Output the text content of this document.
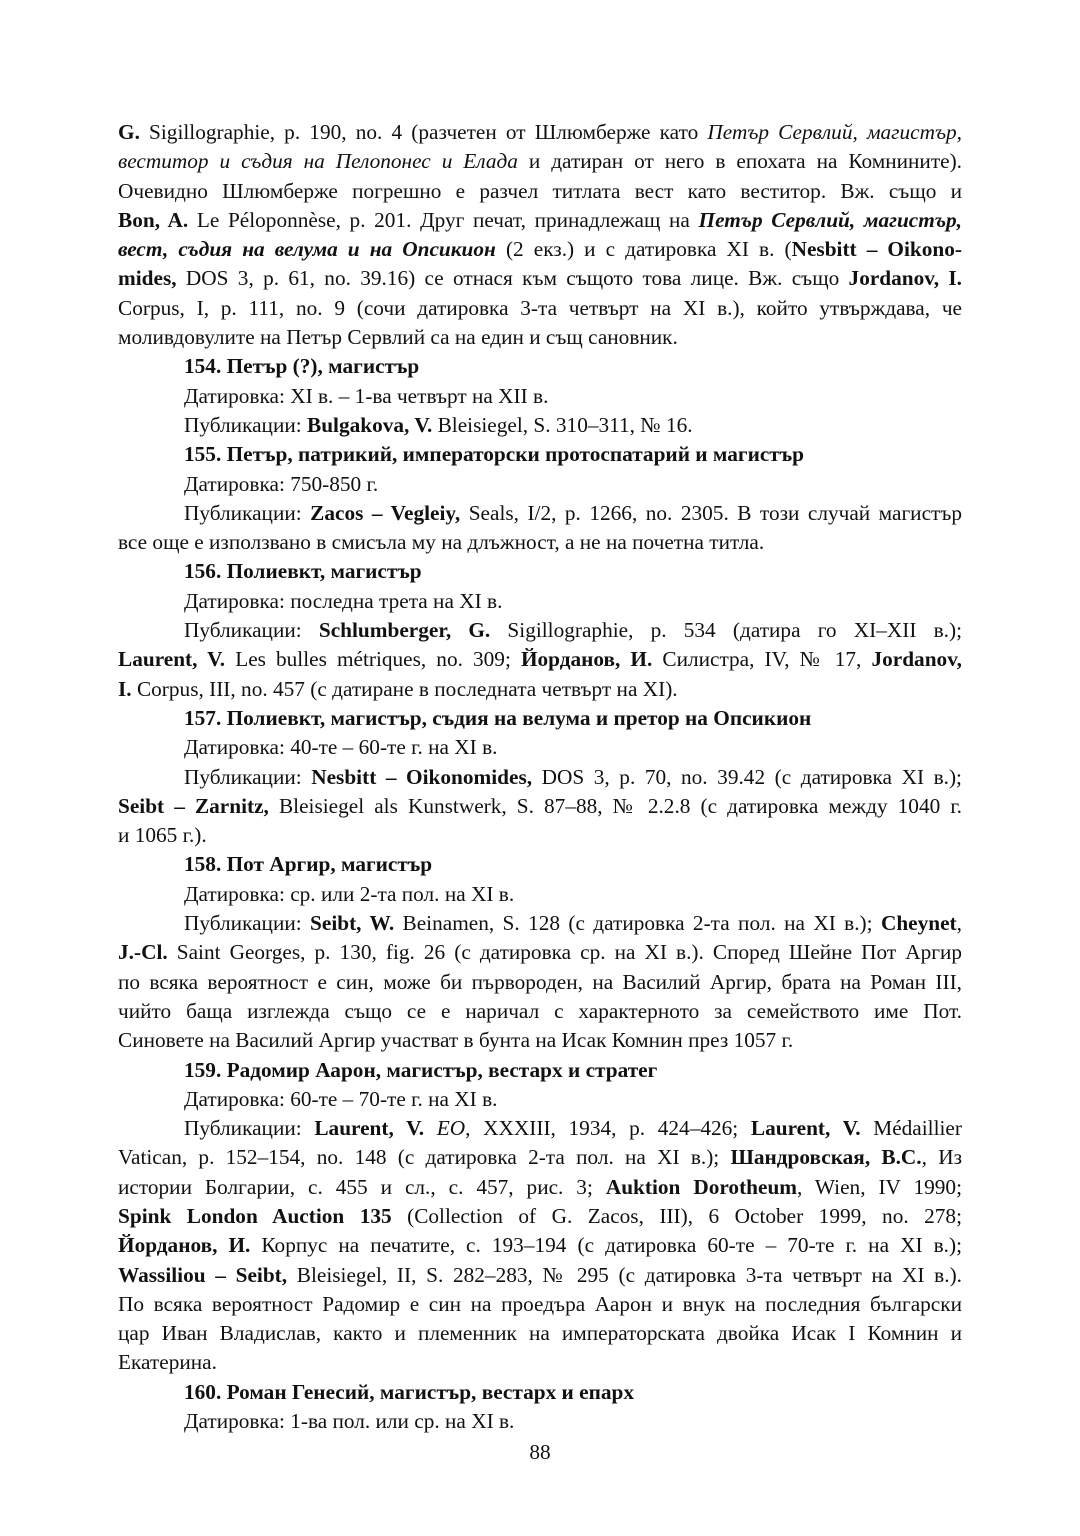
G. Sigillographie, p. 190, no. 4 (разчетен от Шлюмберже като Петър Сервлий, магистър,
веститор и съдия на Пелопонес и Елада и датиран от него в епохата на Комнините).
Очевидно Шлюмберже погрешно е разчел титлата вест като веститор. Вж. също и
Bon, A. Le Péloponnèse, p. 201. Друг печат, принадлежащ на Петър Сервлий, магистър,
вест, съдия на велума и на Опсикион (2 екз.) и с датировка XI в. (Nesbitt – Oikono-
mides, DOS 3, p. 61, no. 39.16) се отнася към същото това лице. Вж. също Jordanov, I.
Corpus, I, p. 111, no. 9 (сочи датировка 3-та четвърт на XI в.), който утвърждава, че
моливдовулите на Петър Сервлий са на един и същ сановник.
154. Петър (?), магистър
Датировка: XI в. – 1-ва четвърт на XII в.
Публикации: Bulgakova, V. Bleisiegel, S. 310–311, № 16.
155. Петър, патрикий, императорски протоспатарий и магистър
Датировка: 750-850 г.
Публикации: Zacos – Vegleiy, Seals, I/2, p. 1266, no. 2305. В този случай магистър
все още е използвано в смисъла му на длъжност, а не на почетна титла.
156. Полиевкт, магистър
Датировка: последна трета на XI в.
Публикации: Schlumberger, G. Sigillographie, p. 534 (датира го XI–XII в.);
Laurent, V. Les bulles métriques, no. 309; Йорданов, И. Силистра, IV, № 17, Jordanov,
I. Corpus, III, no. 457 (с датиране в последната четвърт на XI).
157. Полиевкт, магистър, съдия на велума и претор на Опсикион
Датировка: 40-те – 60-те г. на XI в.
Публикации: Nesbitt – Oikonomides, DOS 3, p. 70, no. 39.42 (с датировка XI в.);
Seibt – Zarnitz, Bleisiegel als Kunstwerk, S. 87–88, № 2.2.8 (с датировка между 1040 г.
и 1065 г.).
158. Пот Аргир, магистър
Датировка: ср. или 2-та пол. на XI в.
Публикации: Seibt, W. Beinamen, S. 128 (с датировка 2-та пол. на XI в.); Cheynet,
J.-Cl. Saint Georges, p. 130, fig. 26 (с датировка ср. на XI в.). Според Шейне Пот Аргир
по всяка вероятност е син, може би първороден, на Василий Аргир, брата на Роман III,
чийто баща изглежда също се е наричал с характерното за семейството име Пот.
Синовете на Василий Аргир участват в бунта на Исак Комнин през 1057 г.
159. Радомир Аарон, магистър, вестарх и стратег
Датировка: 60-те – 70-те г. на XI в.
Публикации: Laurent, V. EO, XXXIII, 1934, p. 424–426; Laurent, V. Médaillier
Vatican, p. 152–154, no. 148 (с датировка 2-та пол. на XI в.); Шандровская, В.С., Из
истории Болгарии, с. 455 и сл., с. 457, рис. 3; Auktion Dorotheum, Wien, IV 1990;
Spink London Auction 135 (Collection of G. Zacos, III), 6 October 1999, no. 278;
Йорданов, И. Корпус на печатите, с. 193–194 (с датировка 60-те – 70-те г. на XI в.);
Wassiliou – Seibt, Bleisiegel, II, S. 282–283, № 295 (с датировка 3-та четвърт на XI в.).
По всяка вероятност Радомир е син на проедъра Аарон и внук на последния български
цар Иван Владислав, както и племенник на императорската двойка Исак I Комнин и
Екатерина.
160. Роман Генесий, магистър, вестарх и епарх
Датировка: 1-ва пол. или ср. на XI в.
88
